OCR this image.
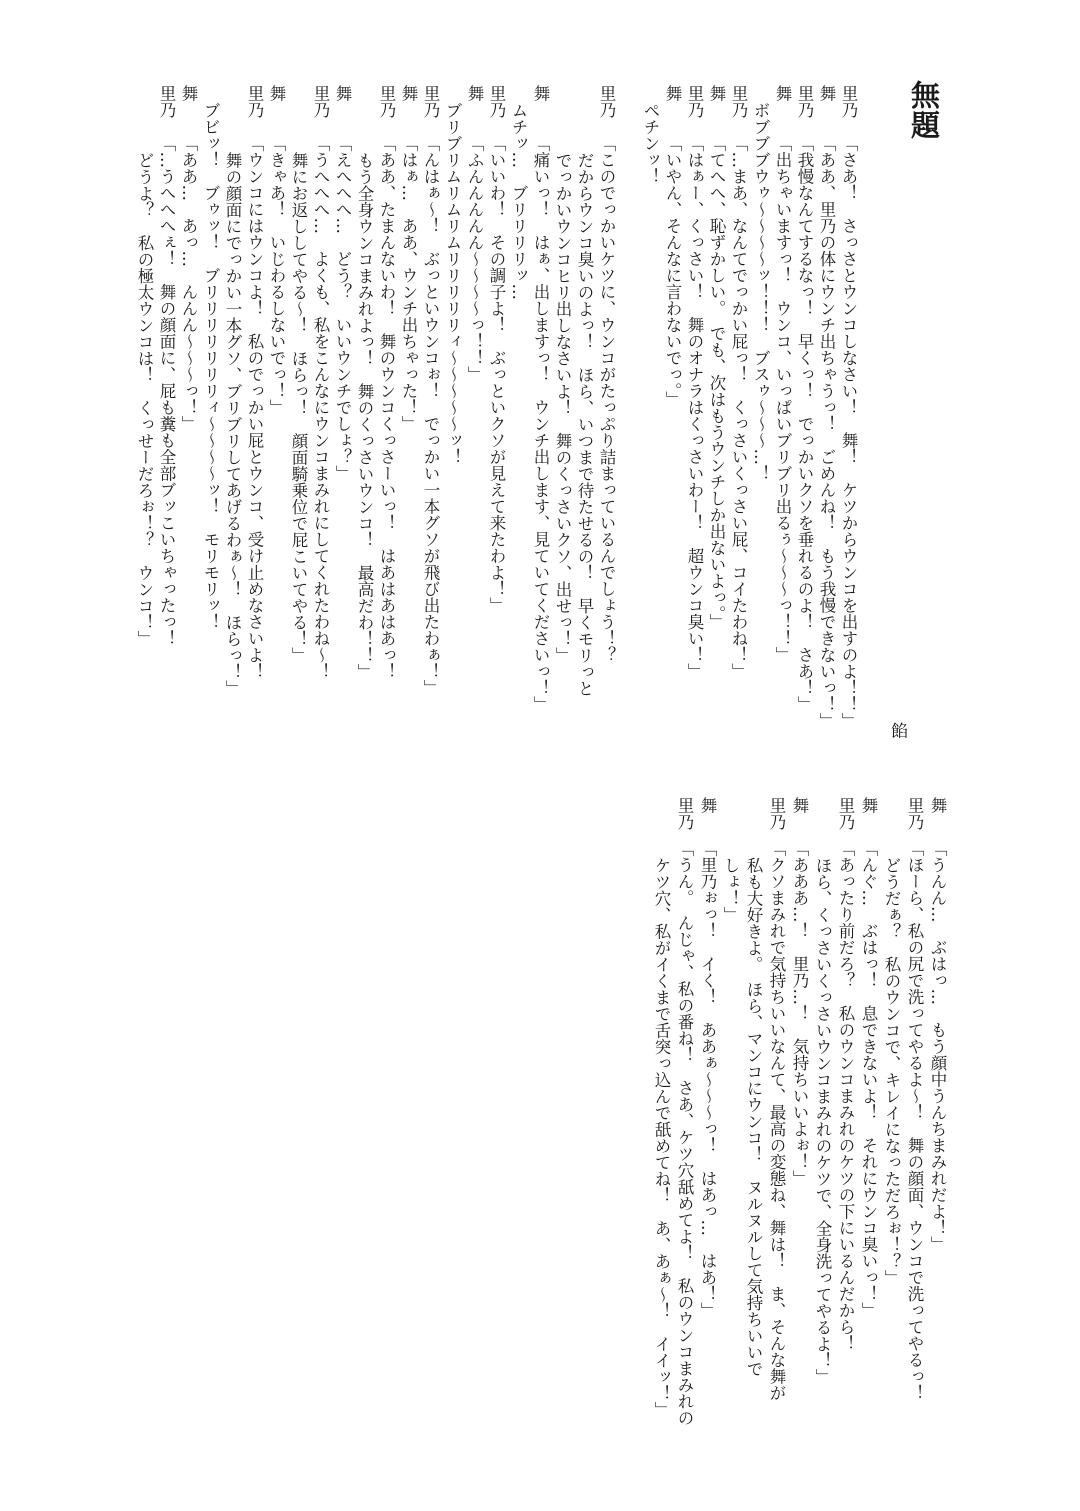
無題
餡
里乃「さあ！　さっさとウンコしなさい！　舞！　ケツからウンコを出すのよ！！」
舞「ああ、里乃の体にウンチ出ちゃうっ！　ごめんね！　もう我慢できないっ！」
里乃「我慢なんてするなっ！　早くっ！　でっかいクソを垂れるのよ！　さあ！」
舞「出ちゃいますっ！　ウンコ、いっぱいブリブリ出るぅ～～～っ！！」
ボブブブウゥ～～～～ッ！！！　ブスゥ～～～…！
里乃「…まあ、なんてでっかい屁っ！　くっさいくっさい屁、コイたわね！」
舞「てへへ、恥ずかしい。　でも、次はもうウンチしか出ないよっ。」
里乃「はぁー、くっさい！　舞のオナラはくっさいわー！　超ウンコ臭い！」
舞「いやん、そんなに言わないでっ。」
ペチンッ！

里乃「このでっかいケツに、ウンコがたっぷり詰まっているんでしょう！？
だからウンコ臭いのよっ！　ほら、いつまで待たせるの！　早くモリっと
でっかいウンコヒリ出しなさいよ！　舞のくっさいクソ、出せっ！」
舞「痛いっ！　はぁ、出しますっ！　ウンチ出します、見ていてくださいっ！」
ムチッ…　ブリリリリッ…
里乃「いいわ！　その調子よ！　ぶっといクソが見えて来たわよ！」
舞「ふんんんんん～～～～っ！！」
ブリブリムリムリムリリリリリィ～～～～～ッ！
里乃「んはぁ～！　ぶっといウンコぉ！　でっかい一本グソが飛び出たわぁ！」
舞「はぁ…　ああ、ウンチ出ちゃった！」
里乃「ああ、たまんないわ！　舞のウンコくっさーいっ！　はあはあはあっ！
もう全身ウンコまみれよっ！　舞のくっさいウンコ！　最高だわ！！」
舞「えへへへ…　どう？　いいウンチでしょ？」
里乃「うへへへ…　よくも、私をこんなにウンコまみれにしてくれたわね～！
舞にお返ししてやる～！　ほらっ！　顔面騎乗位で屁こいてやる！」
舞「きゃあ！　いじわるしないでっ！」
里乃「ウンコにはウンコよ！　私のでっかい屁とウンコ、受け止めなさいよ！
舞の顔面にでっかい一本グソ、ブリブリしてあげるわぁ～！　ほらっ！」
ブビッ！　ブゥッ！　ブリリリリリリリィ～～～～ッ！　モリモリッ！
舞「ああ…　あっ…　んんん～～～っ！」
里乃「…うへへへぇ！　舞の顔面に、屁も糞も全部ブッこいちゃったっ！
どうよ？　私の極太ウンコは！　くっせーだろぉ！？　ウンコ！」
舞「うんん…　ぶはっ…　もう顔中うんちまみれだよ！」
里乃「ほーら、私の尻で洗ってやるよ～！　舞の顔面、ウンコで洗ってやるっ！
どうだぁ？　私のウンコで、キレイになっただろぉ！？」
舞「んぐ…　ぶはっ！　息できないよ！　それにウンコ臭いっ！」
里乃「あったり前だろ？　私のウンコまみれのケツの下にいるんだから！
ほら、くっさいくっさいウンコまみれのケツで、全身洗ってやるよ！」
舞「あああ…！　里乃…！　気持ちいいよぉ！」
里乃「クソまみれで気持ちいいなんて、最高の変態ね、舞は！　ま、そんな舞が
私も大好きよ。　ほら、マンコにウンコ！　ヌルヌルして気持ちいいで
しょ！」
舞「里乃ぉっ！　イく！　ああぁ～～～っ！　はあっ…　はあ！」
里乃「うん。　んじゃ、私の番ね！　さあ、ケツ穴舐めてよ！　私のウンコまみれの
ケツ穴、私がイくまで舌突っ込んで舐めてね！　あ、あぁ～！　イイッ！」
